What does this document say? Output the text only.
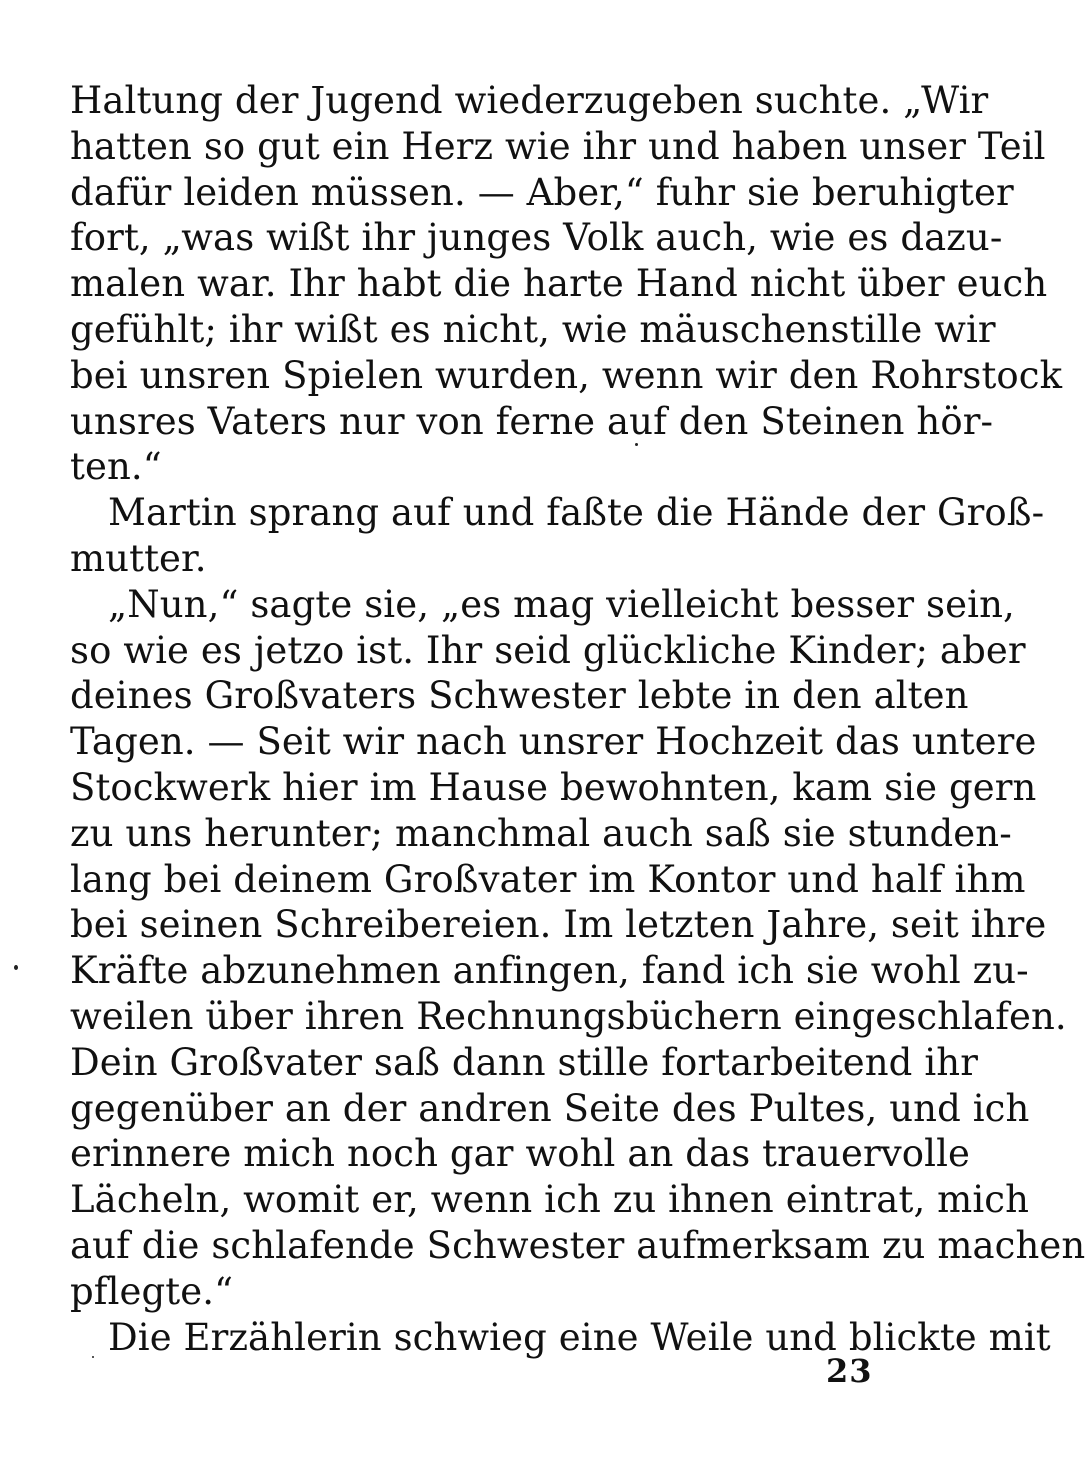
Haltung der Jugend wiederzugeben suchte. „Wir
hatten so gut ein Herz wie ihr und haben unser Teil
dafür leiden müssen. — Aber,“ fuhr sie beruhigter
fort, „was wißt ihr junges Volk auch, wie es dazu-
malen war. Ihr habt die harte Hand nicht über euch
gefühlt; ihr wißt es nicht, wie mäuschenstille wir
bei unsren Spielen wurden, wenn wir den Rohrstock
unsres Vaters nur von ferne auf den Steinen hör-
ten.“
Martin sprang auf und faßte die Hände der Groß-
mutter.
„Nun,“ sagte sie, „es mag vielleicht besser sein,
so wie es jetzo ist. Ihr seid glückliche Kinder; aber
deines Großvaters Schwester lebte in den alten
Tagen. — Seit wir nach unsrer Hochzeit das untere
Stockwerk hier im Hause bewohnten, kam sie gern
zu uns herunter; manchmal auch saß sie stunden-
lang bei deinem Großvater im Kontor und half ihm
bei seinen Schreibereien. Im letzten Jahre, seit ihre
Kräfte abzunehmen anfingen, fand ich sie wohl zu-
weilen über ihren Rechnungsbüchern eingeschlafen.
Dein Großvater saß dann stille fortarbeitend ihr
gegenüber an der andren Seite des Pultes, und ich
erinnere mich noch gar wohl an das trauervolle
Lächeln, womit er, wenn ich zu ihnen eintrat, mich
auf die schlafende Schwester aufmerksam zu machen
pflegte.“
Die Erzählerin schwieg eine Weile und blickte mit
23
